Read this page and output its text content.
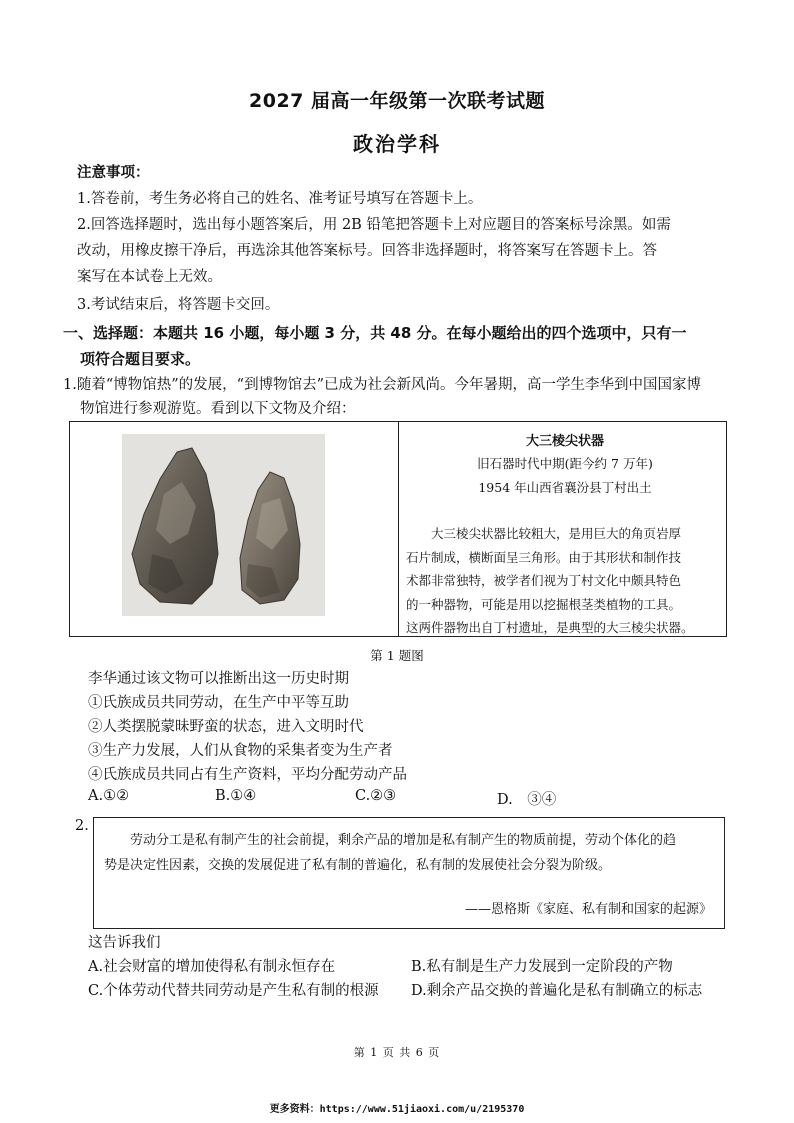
2027 届高一年级第一次联考试题
政治学科
注意事项：
1.答卷前，考生务必将自己的姓名、准考证号填写在答题卡上。
2.回答选择题时，选出每小题答案后，用 2B 铅笔把答题卡上对应题目的答案标号涂黑。如需
改动，用橡皮擦干净后，再选涂其他答案标号。回答非选择题时，将答案写在答题卡上。答
案写在本试卷上无效。
3.考试结束后，将答题卡交回。
一、选择题：本题共 16 小题，每小题 3 分，共 48 分。在每小题给出的四个选项中，只有一
项符合题目要求。
1.随着“博物馆热”的发展，“到博物馆去”已成为社会新风尚。今年暑期，高一学生李华到中国国家博
物馆进行参观游览。看到以下文物及介绍：
大三棱尖状器
旧石器时代中期(距今约 7 万年)
1954 年山西省襄汾县丁村出土
　　大三棱尖状器比较粗大，是用巨大的角页岩厚
石片制成，横断面呈三角形。由于其形状和制作技
术都非常独特，被学者们视为丁村文化中颇具特色
的一种器物，可能是用以挖掘根茎类植物的工具。
这两件器物出自丁村遗址，是典型的大三棱尖状器。
第 1 题图
李华通过该文物可以推断出这一历史时期
①氏族成员共同劳动，在生产中平等互助
②人类摆脱蒙昧野蛮的状态，进入文明时代
③生产力发展，人们从食物的采集者变为生产者
④氏族成员共同占有生产资料，平均分配劳动产品
A.①②	B.①④	C.②③	D.　③④
2.
　　劳动分工是私有制产生的社会前提，剩余产品的增加是私有制产生的物质前提，劳动个体化的趋
势是决定性因素，交换的发展促进了私有制的普遍化，私有制的发展使社会分裂为阶级。
——恩格斯《家庭、私有制和国家的起源》
这告诉我们
A.社会财富的增加使得私有制永恒存在	B.私有制是生产力发展到一定阶段的产物
C.个体劳动代替共同劳动是产生私有制的根源 D.剩余产品交换的普遍化是私有制确立的标志
第 1 页 共 6 页
更多资料：https://www.51jiaoxi.com/u/2195370
